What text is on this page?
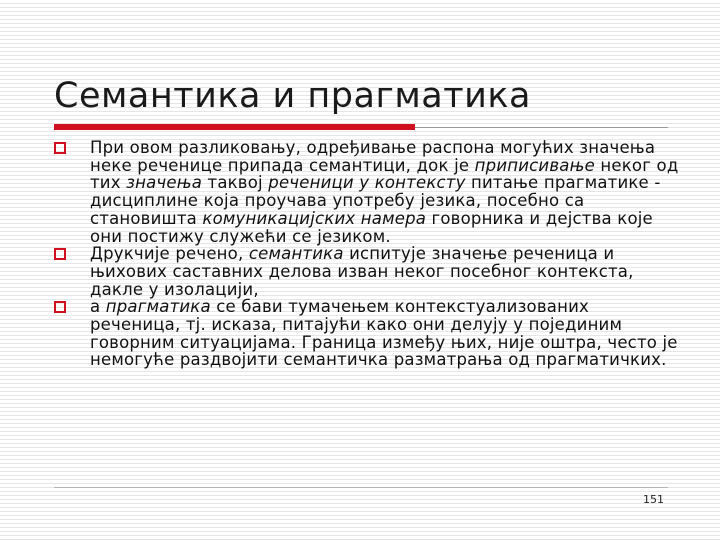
Семантика и прагматика
При овом разликовању, одређивање распона могућих значења неке реченице припада семантици, док је приписивање неког од тих значења таквој реченици у контексту питање прагматике - дисциплине која проучава употребу језика, посебно са становишта комуникацијских намера говорника и дејства које они постижу служећи се језиком.
Друкчије речено, семантика испитује значење реченица и њихових саставних делова изван неког посебног контекста, дакле у изолацији,
а прагматика се бави тумачењем контекстуализованих реченица, тј. исказа, питајући како они делују у појединим говорним ситуацијама. Граница између њих, није оштра, често је немогуће раздвојити семантичка разматрања од прагматичких.
151
